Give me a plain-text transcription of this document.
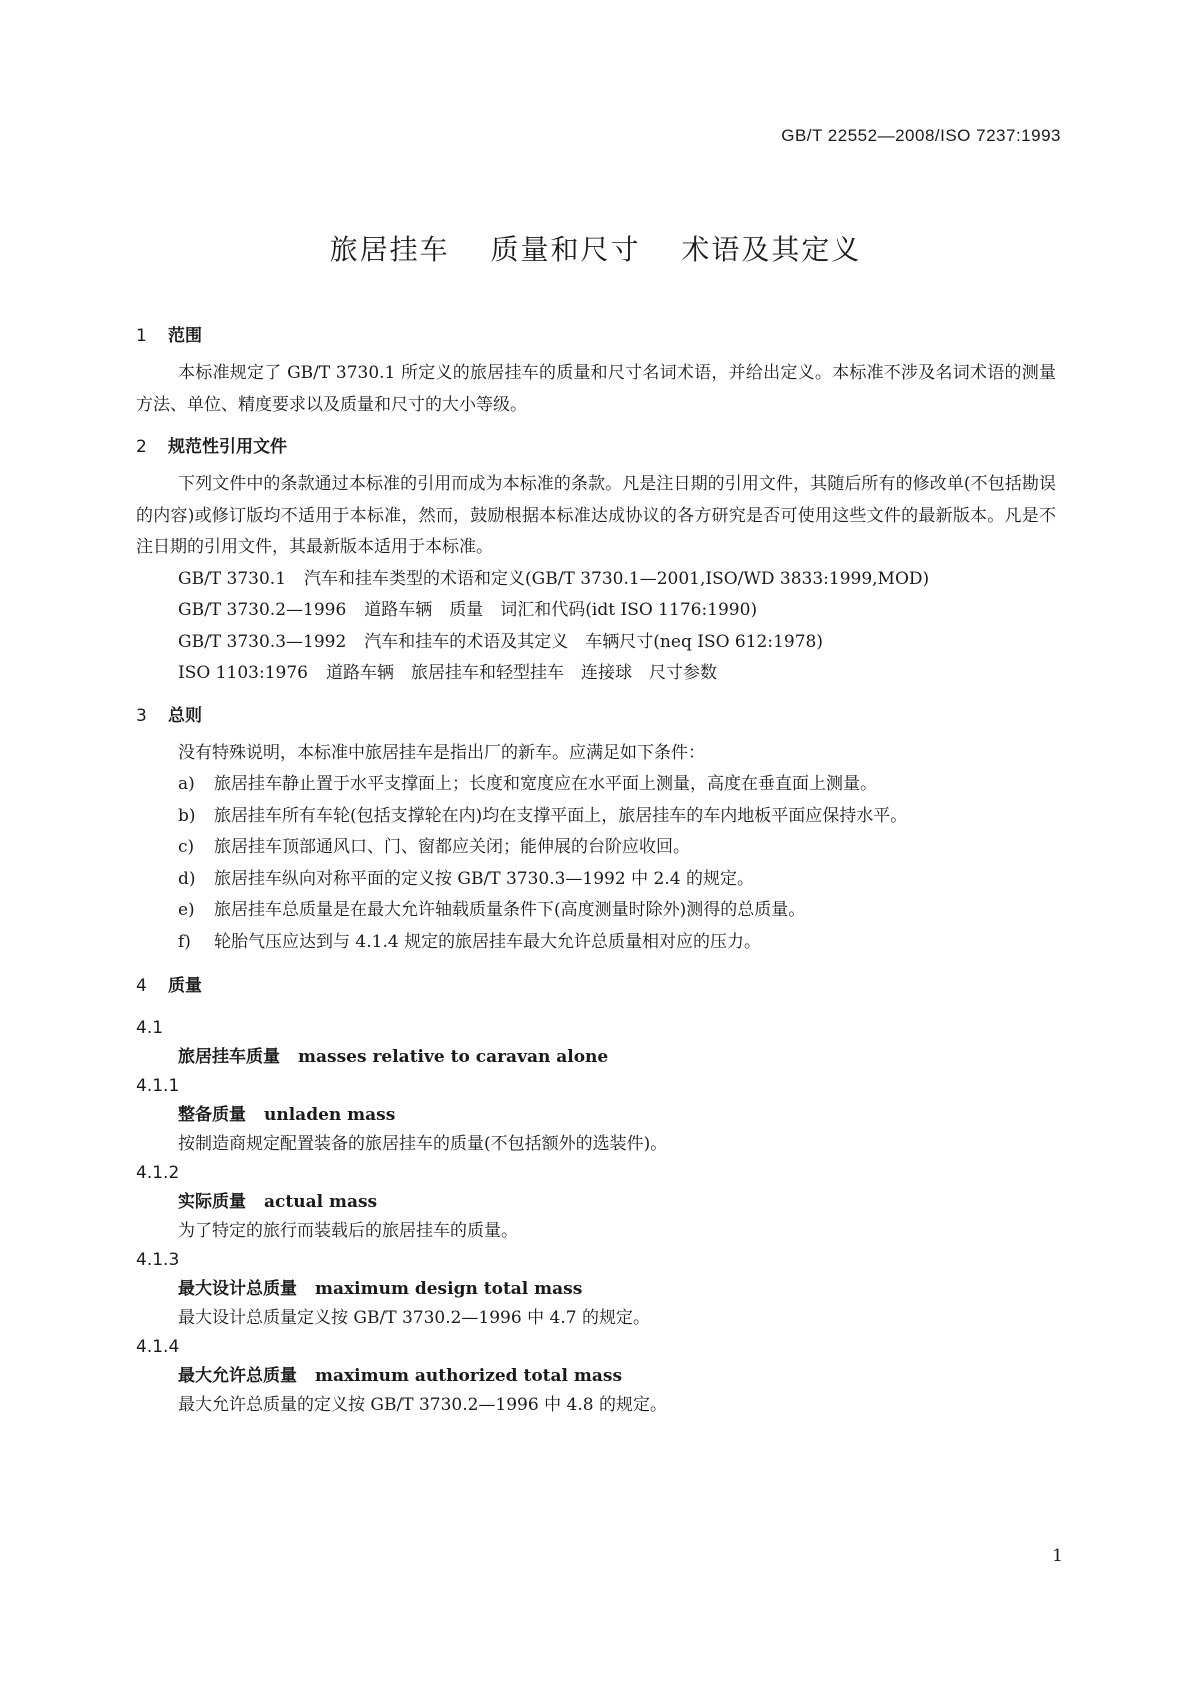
GB/T 22552—2008/ISO 7237:1993
旅居挂车 质量和尺寸 术语及其定义
1 范围
本标准规定了 GB/T 3730.1 所定义的旅居挂车的质量和尺寸名词术语，并给出定义。本标准不涉及名词术语的测量方法、单位、精度要求以及质量和尺寸的大小等级。
2 规范性引用文件
下列文件中的条款通过本标准的引用而成为本标准的条款。凡是注日期的引用文件，其随后所有的修改单(不包括勘误的内容)或修订版均不适用于本标准，然而，鼓励根据本标准达成协议的各方研究是否可使用这些文件的最新版本。凡是不注日期的引用文件，其最新版本适用于本标准。
GB/T 3730.1 汽车和挂车类型的术语和定义(GB/T 3730.1—2001,ISO/WD 3833:1999,MOD)
GB/T 3730.2—1996 道路车辆　质量　词汇和代码(idt ISO 1176:1990)
GB/T 3730.3—1992 汽车和挂车的术语及其定义　车辆尺寸(neq ISO 612:1978)
ISO 1103:1976 道路车辆　旅居挂车和轻型挂车　连接球　尺寸参数
3 总则
没有特殊说明，本标准中旅居挂车是指出厂的新车。应满足如下条件：
a) 旅居挂车静止置于水平支撑面上；长度和宽度应在水平面上测量，高度在垂直面上测量。
b) 旅居挂车所有车轮(包括支撑轮在内)均在支撑平面上，旅居挂车的车内地板平面应保持水平。
c) 旅居挂车顶部通风口、门、窗都应关闭；能伸展的台阶应收回。
d) 旅居挂车纵向对称平面的定义按 GB/T 3730.3—1992 中 2.4 的规定。
e) 旅居挂车总质量是在最大允许轴载质量条件下(高度测量时除外)测得的总质量。
f) 轮胎气压应达到与 4.1.4 规定的旅居挂车最大允许总质量相对应的压力。
4 质量
4.1
旅居挂车质量 masses relative to caravan alone
4.1.1
整备质量 unladen mass
按制造商规定配置装备的旅居挂车的质量(不包括额外的选装件)。
4.1.2
实际质量 actual mass
为了特定的旅行而装载后的旅居挂车的质量。
4.1.3
最大设计总质量 maximum design total mass
最大设计总质量定义按 GB/T 3730.2—1996 中 4.7 的规定。
4.1.4
最大允许总质量 maximum authorized total mass
最大允许总质量的定义按 GB/T 3730.2—1996 中 4.8 的规定。
1
